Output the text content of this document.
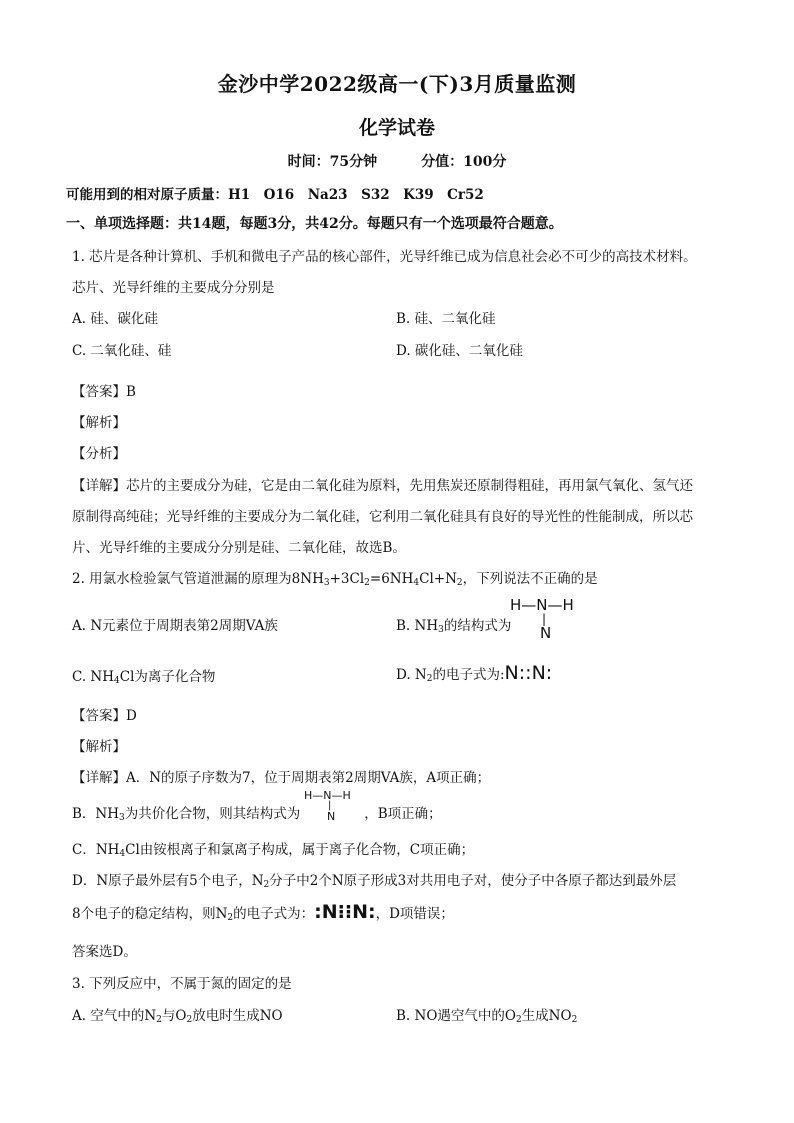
金沙中学2022级高一(下)3月质量监测
化学试卷
时间：75分钟	分值：100分
可能用到的相对原子质量：H1　O16　Na23　S32　K39　Cr52
一、单项选择题：共14题，每题3分，共42分。每题只有一个选项最符合题意。
1. 芯片是各种计算机、手机和微电子产品的核心部件，光导纤维已成为信息社会必不可少的高技术材料。
芯片、光导纤维的主要成分分别是
A. 硅、碳化硅	B. 硅、二氧化硅
C. 二氧化硅、硅	D. 碳化硅、二氧化硅
【答案】B
【解析】
【分析】
【详解】芯片的主要成分为硅，它是由二氧化硅为原料，先用焦炭还原制得粗硅，再用氯气氧化、氢气还
原制得高纯硅；光导纤维的主要成分为二氧化硅，它利用二氧化硅具有良好的导光性的性能制成，所以芯
片、光导纤维的主要成分分别是硅、二氧化硅，故选B。
2. 用氯水检验氯气管道泄漏的原理为$8NH_3+3Cl_2=6NH_4Cl+N_2$，下列说法不正确的是
A. N元素位于周期表第2周期VA族	B. $NH_3$的结构式为
H—N—H
|
N
C. $NH_4Cl$为离子化合物	D. $N_2$的电子式为:N::N:
【答案】D
【解析】
【详解】A．N的原子序数为7，位于周期表第2周期VA族，A项正确；
B．$NH_3$为共价化合物，则其结构式为	，B项正确；
H—N—H
|
N
C．$NH_4Cl$由铵根离子和氯离子构成，属于离子化合物，C项正确；
D．N原子最外层有5个电子，$N_2$分子中2个N原子形成3对共用电子对，使分子中各原子都达到最外层
8个电子的稳定结构，则$N_2$的电子式为：:N⁝⁝N:，D项错误；
答案选D。
3. 下列反应中，不属于氮的固定的是
A. 空气中的$N_2$与$O_2$放电时生成NO	B. NO遇空气中的$O_2$生成$NO_2$
